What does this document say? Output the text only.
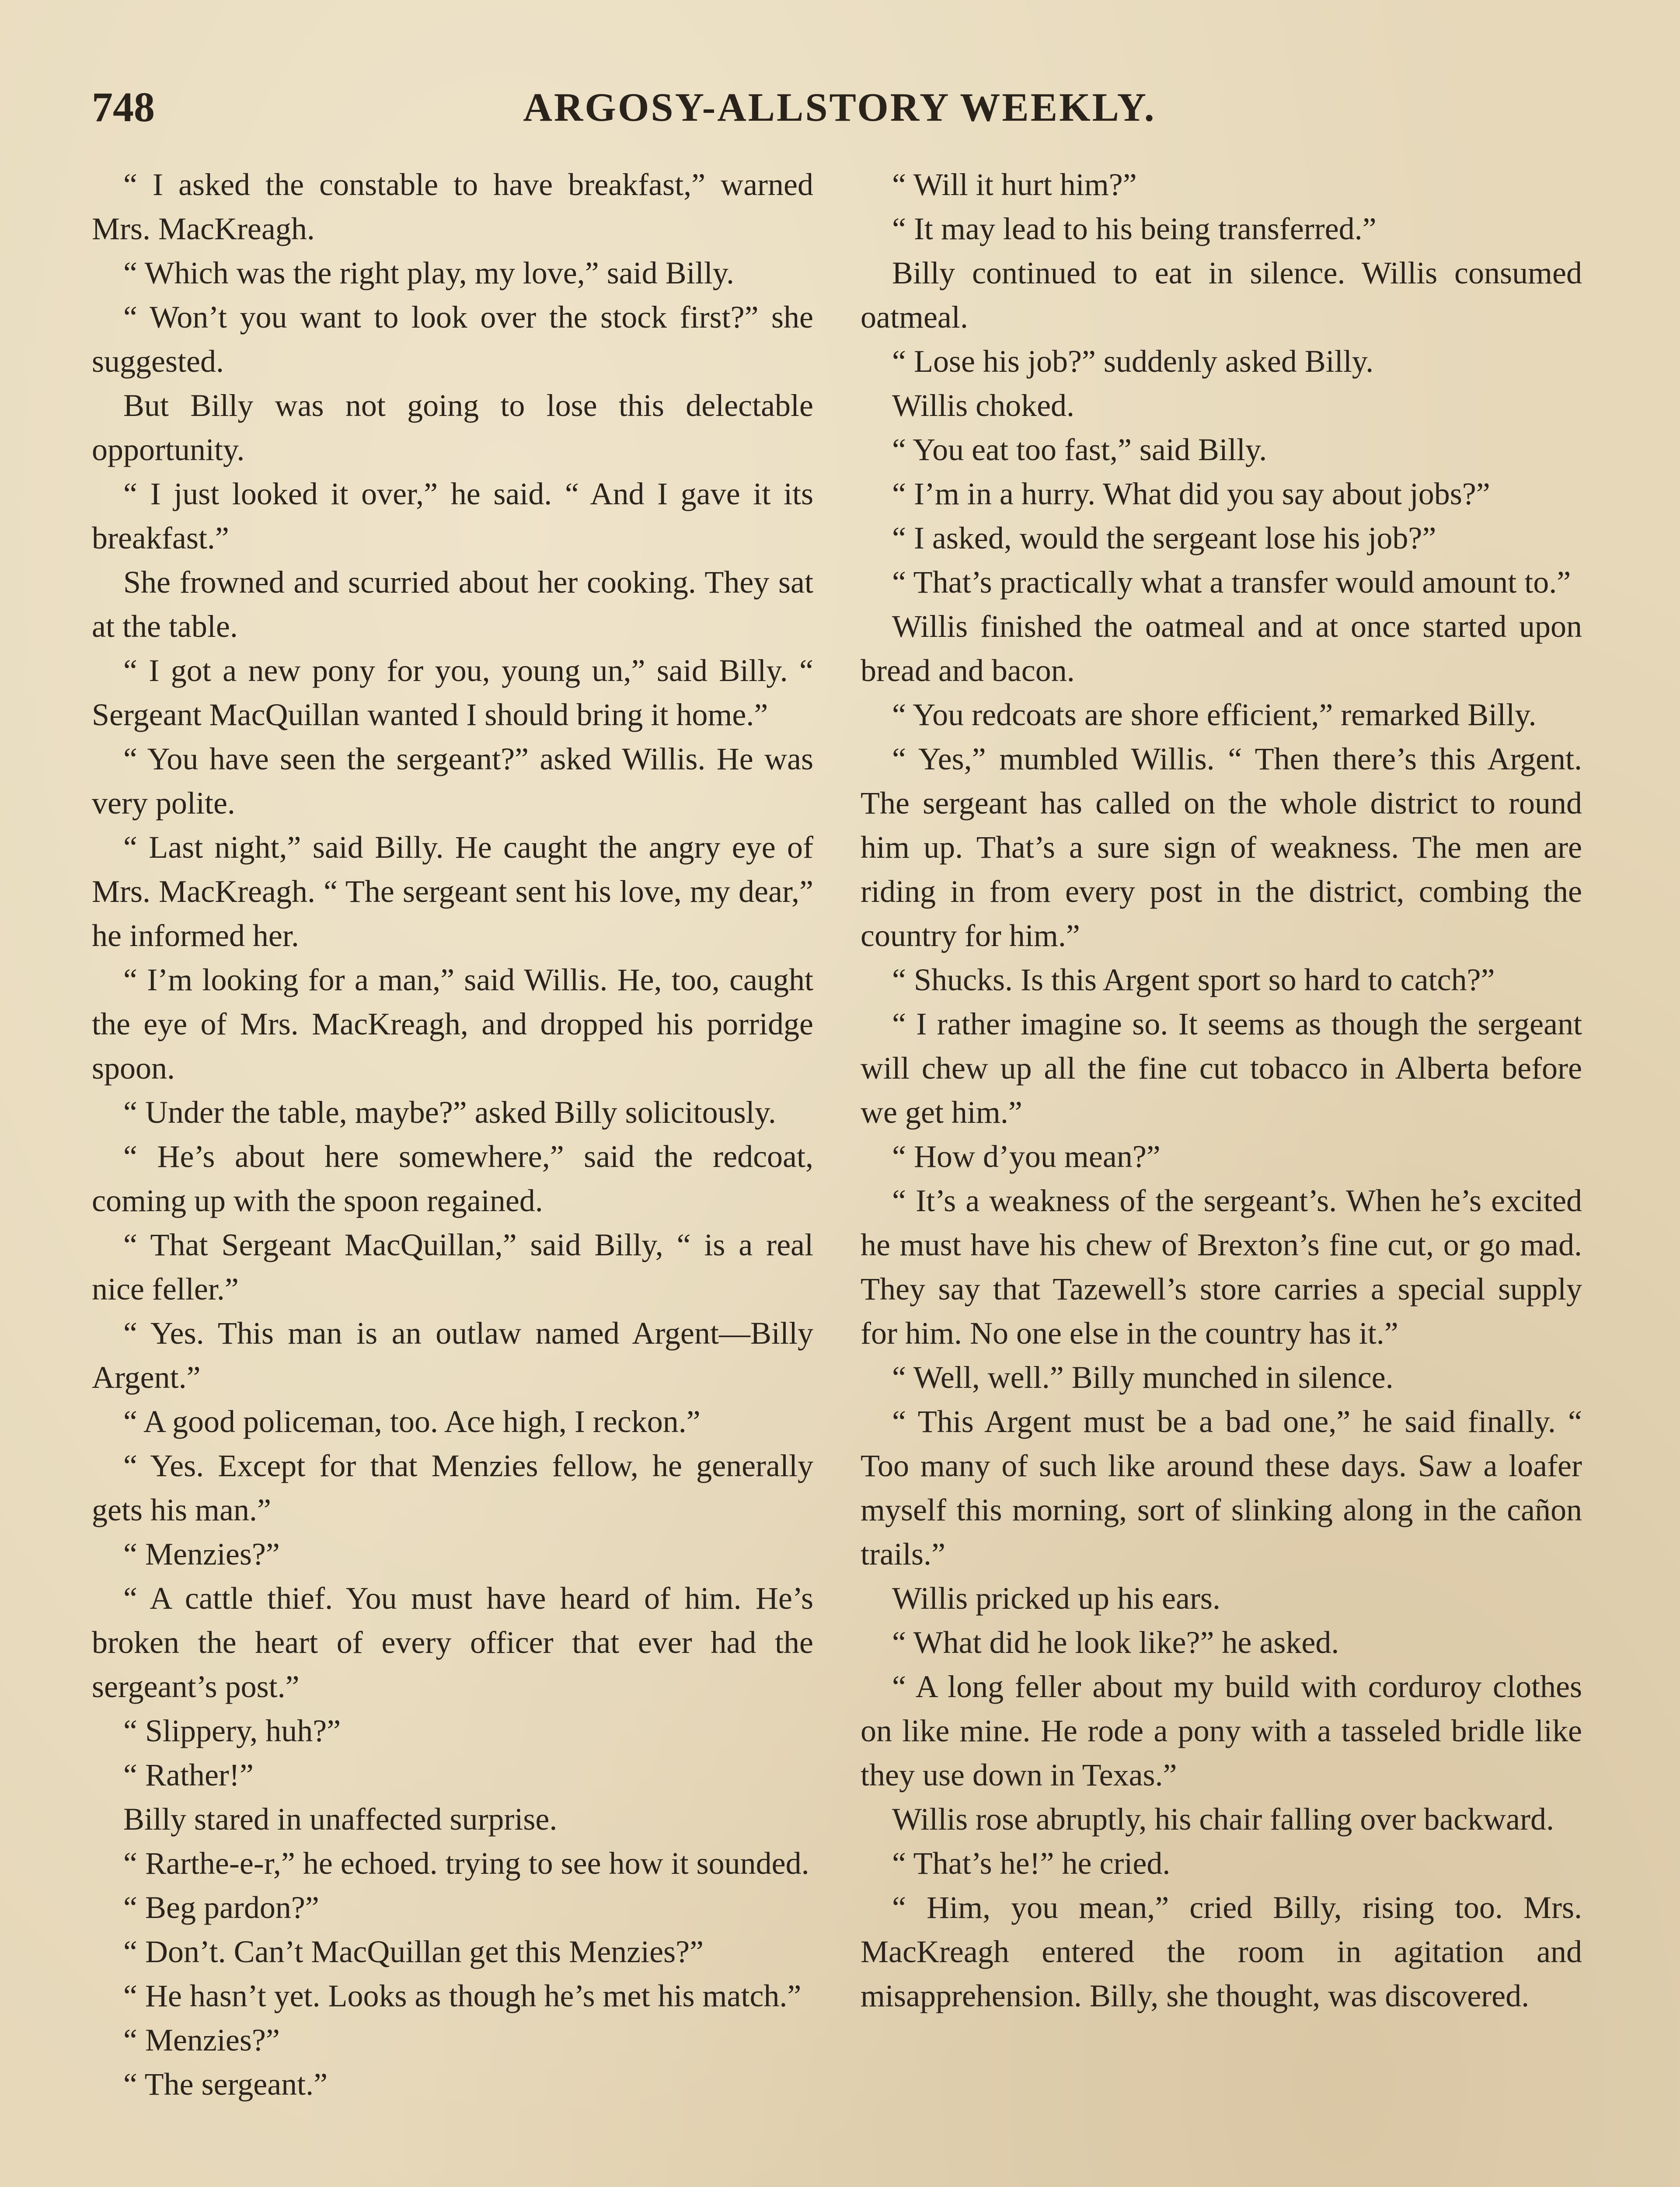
748	ARGOSY-ALLSTORY WEEKLY.

“ I asked the constable to have breakfast,” warned Mrs. MacKreagh.

“ Which was the right play, my love,” said Billy.

“ Won’t you want to look over the stock first?” she suggested.

But Billy was not going to lose this delectable opportunity.

“ I just looked it over,” he said. “ And I gave it its breakfast.”

She frowned and scurried about her cooking. They sat at the table.

“ I got a new pony for you, young un,” said Billy. “ Sergeant MacQuillan wanted I should bring it home.”

“ You have seen the sergeant?” asked Willis. He was very polite.

“ Last night,” said Billy. He caught the angry eye of Mrs. MacKreagh. “ The sergeant sent his love, my dear,” he informed her.

“ I’m looking for a man,” said Willis. He, too, caught the eye of Mrs. MacKreagh, and dropped his porridge spoon.

“ Under the table, maybe?” asked Billy solicitously.

“ He’s about here somewhere,” said the redcoat, coming up with the spoon regained.

“ That Sergeant MacQuillan,” said Billy, “ is a real nice feller.”

“ Yes. This man is an outlaw named Argent—Billy Argent.”

“ A good policeman, too. Ace high, I reckon.”

“ Yes. Except for that Menzies fellow, he generally gets his man.”

“ Menzies?”

“ A cattle thief. You must have heard of him. He’s broken the heart of every officer that ever had the sergeant’s post.”

“ Slippery, huh?”

“ Rather!”

Billy stared in unaffected surprise.

“ Rarthe-e-r,” he echoed. trying to see how it sounded.

“ Beg pardon?”

“ Don’t. Can’t MacQuillan get this Menzies?”

“ He hasn’t yet. Looks as though he’s met his match.”

“ Menzies?”

“ The sergeant.”

“ Will it hurt him?”

“ It may lead to his being transferred.”

Billy continued to eat in silence. Willis consumed oatmeal.

“ Lose his job?” suddenly asked Billy.

Willis choked.

“ You eat too fast,” said Billy.

“ I’m in a hurry. What did you say about jobs?”

“ I asked, would the sergeant lose his job?”

“ That’s practically what a transfer would amount to.”

Willis finished the oatmeal and at once started upon bread and bacon.

“ You redcoats are shore efficient,” remarked Billy.

“ Yes,” mumbled Willis. “ Then there’s this Argent. The sergeant has called on the whole district to round him up. That’s a sure sign of weakness. The men are riding in from every post in the district, combing the country for him.”

“ Shucks. Is this Argent sport so hard to catch?”

“ I rather imagine so. It seems as though the sergeant will chew up all the fine cut tobacco in Alberta before we get him.”

“ How d’you mean?”

“ It’s a weakness of the sergeant’s. When he’s excited he must have his chew of Brexton’s fine cut, or go mad. They say that Tazewell’s store carries a special supply for him. No one else in the country has it.”

“ Well, well.” Billy munched in silence.

“ This Argent must be a bad one,” he said finally. “ Too many of such like around these days. Saw a loafer myself this morning, sort of slinking along in the cañon trails.”

Willis pricked up his ears.

“ What did he look like?” he asked.

“ A long feller about my build with corduroy clothes on like mine. He rode a pony with a tasseled bridle like they use down in Texas.”

Willis rose abruptly, his chair falling over backward.

“ That’s he!” he cried.

“ Him, you mean,” cried Billy, rising too. Mrs. MacKreagh entered the room in agitation and misapprehension. Billy, she thought, was discovered.
